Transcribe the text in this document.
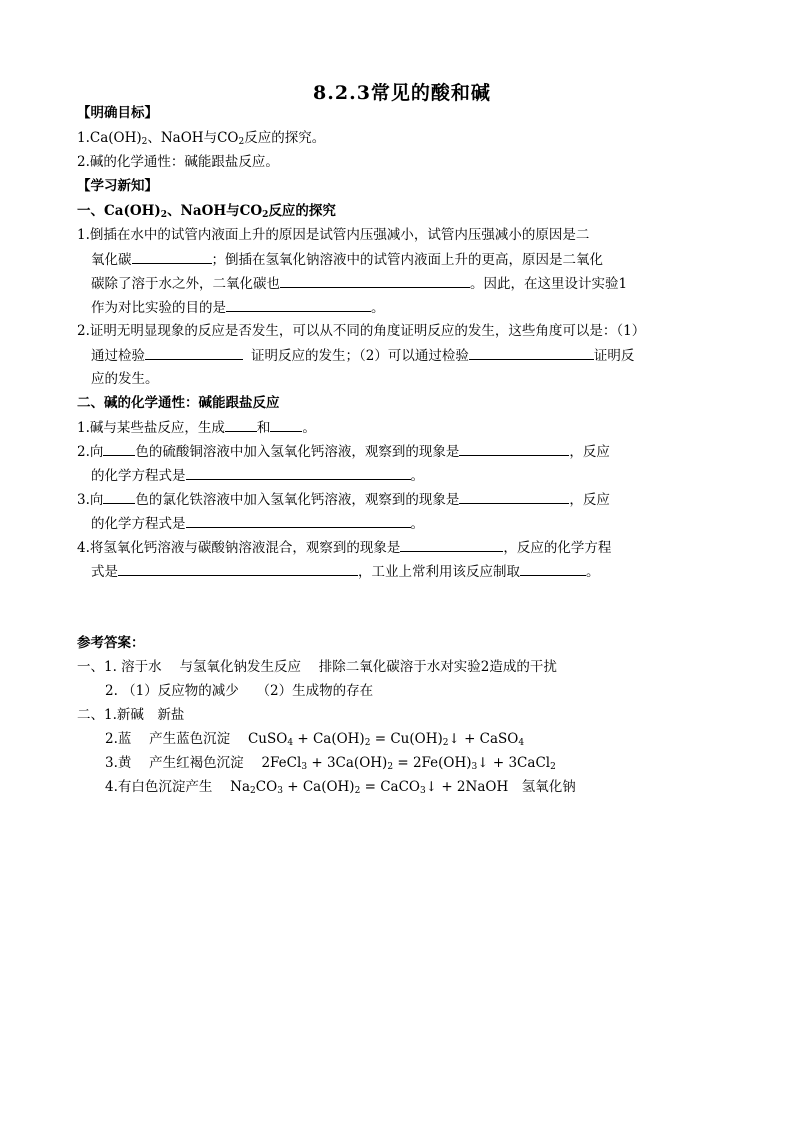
8.2.3常见的酸和碱
【明确目标】
$1.Ca(OH)_2$、NaOH与$CO_2$反应的探究。
2.碱的化学通性：碱能跟盐反应。
【学习新知】
一、$Ca(OH)_2$、NaOH与$CO_2$反应的探究
1.倒插在水中的试管内液面上升的原因是试管内压强减小，试管内压强减小的原因是二
氧化碳	；倒插在氢氧化钠溶液中的试管内液面上升的更高，原因是二氧化
碳除了溶于水之外，二氧化碳也	。因此，在这里设计实验1
作为对比实验的目的是	。
2.证明无明显现象的反应是否发生，可以从不同的角度证明反应的发生，这些角度可以是：（1）
通过检验	证明反应的发生；（2）可以通过检验	证明反
应的发生。
二、碱的化学通性：碱能跟盐反应
1.碱与某些盐反应，生成 和 。
2.向 色的硫酸铜溶液中加入氢氧化钙溶液，观察到的现象是	，反应
的化学方程式是	。
3.向 色的氯化铁溶液中加入氢氧化钙溶液，观察到的现象是	，反应
的化学方程式是	。
4.将氢氧化钙溶液与碳酸钠溶液混合，观察到的现象是	，反应的化学方程
式是	，工业上常利用该反应制取	。
参考答案：
一、1. 溶于水　 与氢氧化钠发生反应　 排除二氧化碳溶于水对实验2造成的干扰
2. （1）反应物的减少　 （2）生成物的存在
二、1.新碱　新盐
2.蓝　 产生蓝色沉淀　 CuSO$_4$ + $Ca(OH)_2$ = $Cu(OH)_2↓$ + CaSO$_4$
3.黄　 产生红褐色沉淀　 2FeCl$_3$ + $3Ca(OH)_2$ = $2Fe(OH)_3↓$ + 3CaCl$_2$
4.有白色沉淀产生　 $Na_2CO_3 + Ca(OH)_2$ = CaCO$_3$↓ + 2NaOH　氢氧化钠
